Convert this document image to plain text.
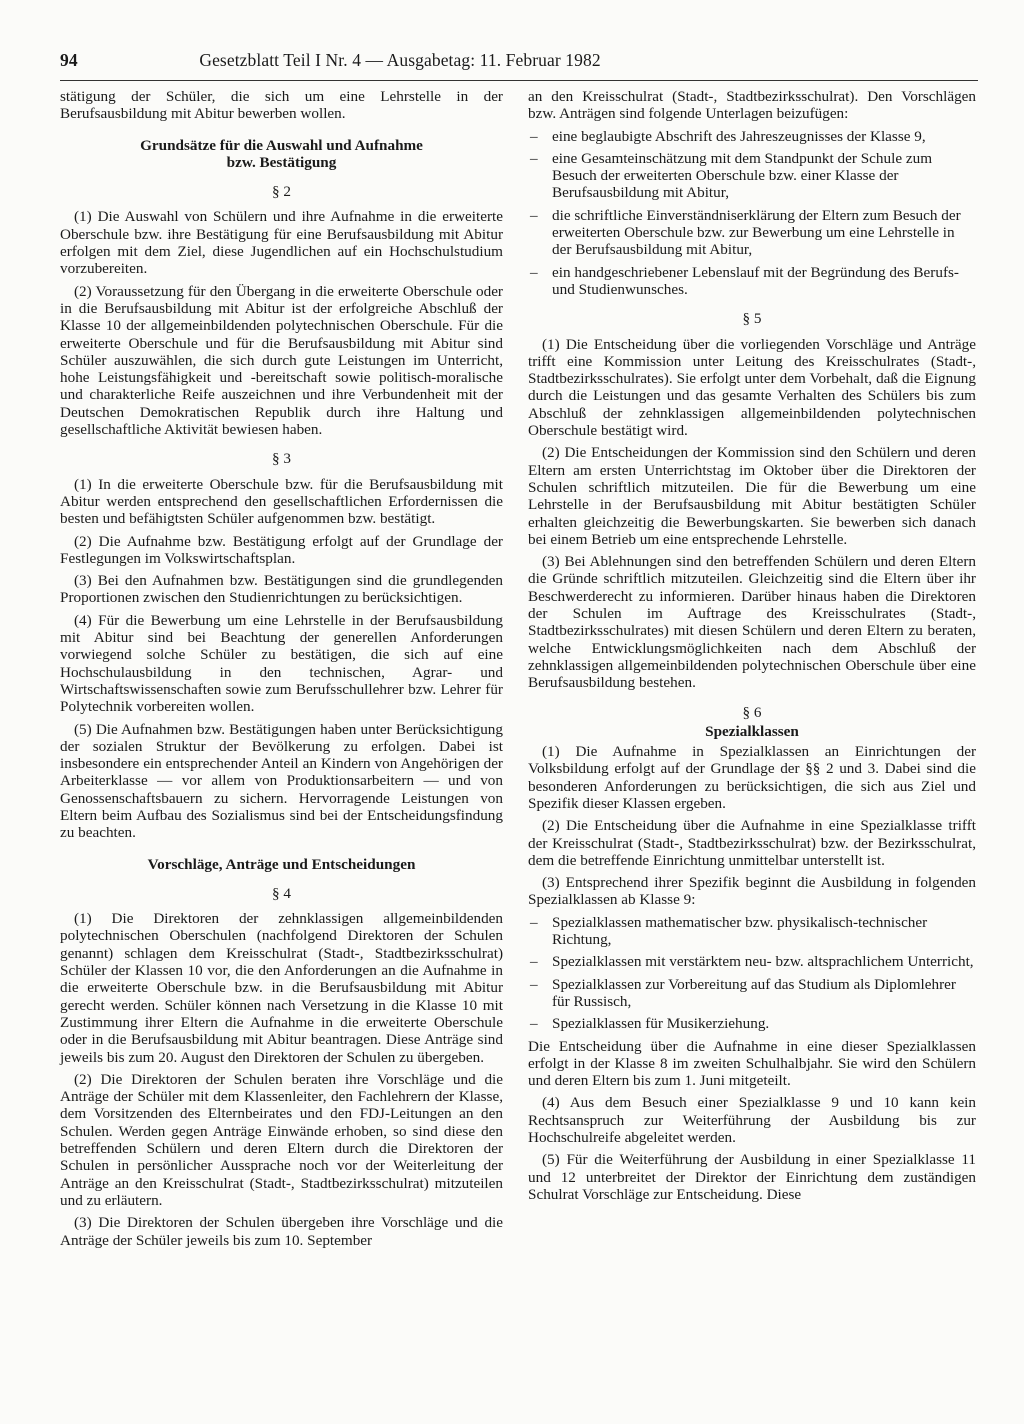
94	Gesetzblatt Teil I Nr. 4 — Ausgabetag: 11. Februar 1982

stätigung der Schüler, die sich um eine Lehrstelle in der Berufsausbildung mit Abitur bewerben wollen.

Grundsätze für die Auswahl und Aufnahme
bzw. Bestätigung
§ 2

(1) Die Auswahl von Schülern und ihre Aufnahme in die erweiterte Oberschule bzw. ihre Bestätigung für eine Berufsausbildung mit Abitur erfolgen mit dem Ziel, diese Jugendlichen auf ein Hochschulstudium vorzubereiten.

(2) Voraussetzung für den Übergang in die erweiterte Oberschule oder in die Berufsausbildung mit Abitur ist der erfolgreiche Abschluß der Klasse 10 der allgemeinbildenden polytechnischen Oberschule. Für die erweiterte Oberschule und für die Berufsausbildung mit Abitur sind Schüler auszuwählen, die sich durch gute Leistungen im Unterricht, hohe Leistungsfähigkeit und -bereitschaft sowie politisch-moralische und charakterliche Reife auszeichnen und ihre Verbundenheit mit der Deutschen Demokratischen Republik durch ihre Haltung und gesellschaftliche Aktivität bewiesen haben.

§ 3

(1) In die erweiterte Oberschule bzw. für die Berufsausbildung mit Abitur werden entsprechend den gesellschaftlichen Erfordernissen die besten und befähigtsten Schüler aufgenommen bzw. bestätigt.

(2) Die Aufnahme bzw. Bestätigung erfolgt auf der Grundlage der Festlegungen im Volkswirtschaftsplan.

(3) Bei den Aufnahmen bzw. Bestätigungen sind die grundlegenden Proportionen zwischen den Studienrichtungen zu berücksichtigen.

(4) Für die Bewerbung um eine Lehrstelle in der Berufsausbildung mit Abitur sind bei Beachtung der generellen Anforderungen vorwiegend solche Schüler zu bestätigen, die sich auf eine Hochschulausbildung in den technischen, Agrar- und Wirtschaftswissenschaften sowie zum Berufsschullehrer bzw. Lehrer für Polytechnik vorbereiten wollen.

(5) Die Aufnahmen bzw. Bestätigungen haben unter Berücksichtigung der sozialen Struktur der Bevölkerung zu erfolgen. Dabei ist insbesondere ein entsprechender Anteil an Kindern von Angehörigen der Arbeiterklasse — vor allem von Produktionsarbeitern — und von Genossenschaftsbauern zu sichern. Hervorragende Leistungen von Eltern beim Aufbau des Sozialismus sind bei der Entscheidungsfindung zu beachten.

Vorschläge, Anträge und Entscheidungen
§ 4

(1) Die Direktoren der zehnklassigen allgemeinbildenden polytechnischen Oberschulen (nachfolgend Direktoren der Schulen genannt) schlagen dem Kreisschulrat (Stadt-, Stadtbezirksschulrat) Schüler der Klassen 10 vor, die den Anforderungen an die Aufnahme in die erweiterte Oberschule bzw. in die Berufsausbildung mit Abitur gerecht werden. Schüler können nach Versetzung in die Klasse 10 mit Zustimmung ihrer Eltern die Aufnahme in die erweiterte Oberschule oder in die Berufsausbildung mit Abitur beantragen. Diese Anträge sind jeweils bis zum 20. August den Direktoren der Schulen zu übergeben.

(2) Die Direktoren der Schulen beraten ihre Vorschläge und die Anträge der Schüler mit dem Klassenleiter, den Fachlehrern der Klasse, dem Vorsitzenden des Elternbeirates und den FDJ-Leitungen an den Schulen. Werden gegen Anträge Einwände erhoben, so sind diese den betreffenden Schülern und deren Eltern durch die Direktoren der Schulen in persönlicher Aussprache noch vor der Weiterleitung der Anträge an den Kreisschulrat (Stadt-, Stadtbezirksschulrat) mitzuteilen und zu erläutern.

(3) Die Direktoren der Schulen übergeben ihre Vorschläge und die Anträge der Schüler jeweils bis zum 10. September

an den Kreisschulrat (Stadt-, Stadtbezirksschulrat). Den Vorschlägen bzw. Anträgen sind folgende Unterlagen beizufügen:

– eine beglaubigte Abschrift des Jahreszeugnisses der Klasse 9,
– eine Gesamteinschätzung mit dem Standpunkt der Schule zum Besuch der erweiterten Oberschule bzw. einer Klasse der Berufsausbildung mit Abitur,
– die schriftliche Einverständniserklärung der Eltern zum Besuch der erweiterten Oberschule bzw. zur Bewerbung um eine Lehrstelle in der Berufsausbildung mit Abitur,
– ein handgeschriebener Lebenslauf mit der Begründung des Berufs- und Studienwunsches.
§ 5

(1) Die Entscheidung über die vorliegenden Vorschläge und Anträge trifft eine Kommission unter Leitung des Kreisschulrates (Stadt-, Stadtbezirksschulrates). Sie erfolgt unter dem Vorbehalt, daß die Eignung durch die Leistungen und das gesamte Verhalten des Schülers bis zum Abschluß der zehnklassigen allgemeinbildenden polytechnischen Oberschule bestätigt wird.

(2) Die Entscheidungen der Kommission sind den Schülern und deren Eltern am ersten Unterrichtstag im Oktober über die Direktoren der Schulen schriftlich mitzuteilen. Die für die Bewerbung um eine Lehrstelle in der Berufsausbildung mit Abitur bestätigten Schüler erhalten gleichzeitig die Bewerbungskarten. Sie bewerben sich danach bei einem Betrieb um eine entsprechende Lehrstelle.

(3) Bei Ablehnungen sind den betreffenden Schülern und deren Eltern die Gründe schriftlich mitzuteilen. Gleichzeitig sind die Eltern über ihr Beschwerderecht zu informieren. Darüber hinaus haben die Direktoren der Schulen im Auftrage des Kreisschulrates (Stadt-, Stadtbezirksschulrates) mit diesen Schülern und deren Eltern zu beraten, welche Entwicklungsmöglichkeiten nach dem Abschluß der zehnklassigen allgemeinbildenden polytechnischen Oberschule über eine Berufsausbildung bestehen.

§ 6
Spezialklassen

(1) Die Aufnahme in Spezialklassen an Einrichtungen der Volksbildung erfolgt auf der Grundlage der §§ 2 und 3. Dabei sind die besonderen Anforderungen zu berücksichtigen, die sich aus Ziel und Spezifik dieser Klassen ergeben.

(2) Die Entscheidung über die Aufnahme in eine Spezialklasse trifft der Kreisschulrat (Stadt-, Stadtbezirksschulrat) bzw. der Bezirksschulrat, dem die betreffende Einrichtung unmittelbar unterstellt ist.

(3) Entsprechend ihrer Spezifik beginnt die Ausbildung in folgenden Spezialklassen ab Klasse 9:

– Spezialklassen mathematischer bzw. physikalisch-technischer Richtung,
– Spezialklassen mit verstärktem neu- bzw. altsprachlichem Unterricht,
– Spezialklassen zur Vorbereitung auf das Studium als Diplomlehrer für Russisch,
– Spezialklassen für Musikerziehung.

Die Entscheidung über die Aufnahme in eine dieser Spezialklassen erfolgt in der Klasse 8 im zweiten Schulhalbjahr. Sie wird den Schülern und deren Eltern bis zum 1. Juni mitgeteilt.

(4) Aus dem Besuch einer Spezialklasse 9 und 10 kann kein Rechtsanspruch zur Weiterführung der Ausbildung bis zur Hochschulreife abgeleitet werden.

(5) Für die Weiterführung der Ausbildung in einer Spezialklasse 11 und 12 unterbreitet der Direktor der Einrichtung dem zuständigen Schulrat Vorschläge zur Entscheidung. Diese
